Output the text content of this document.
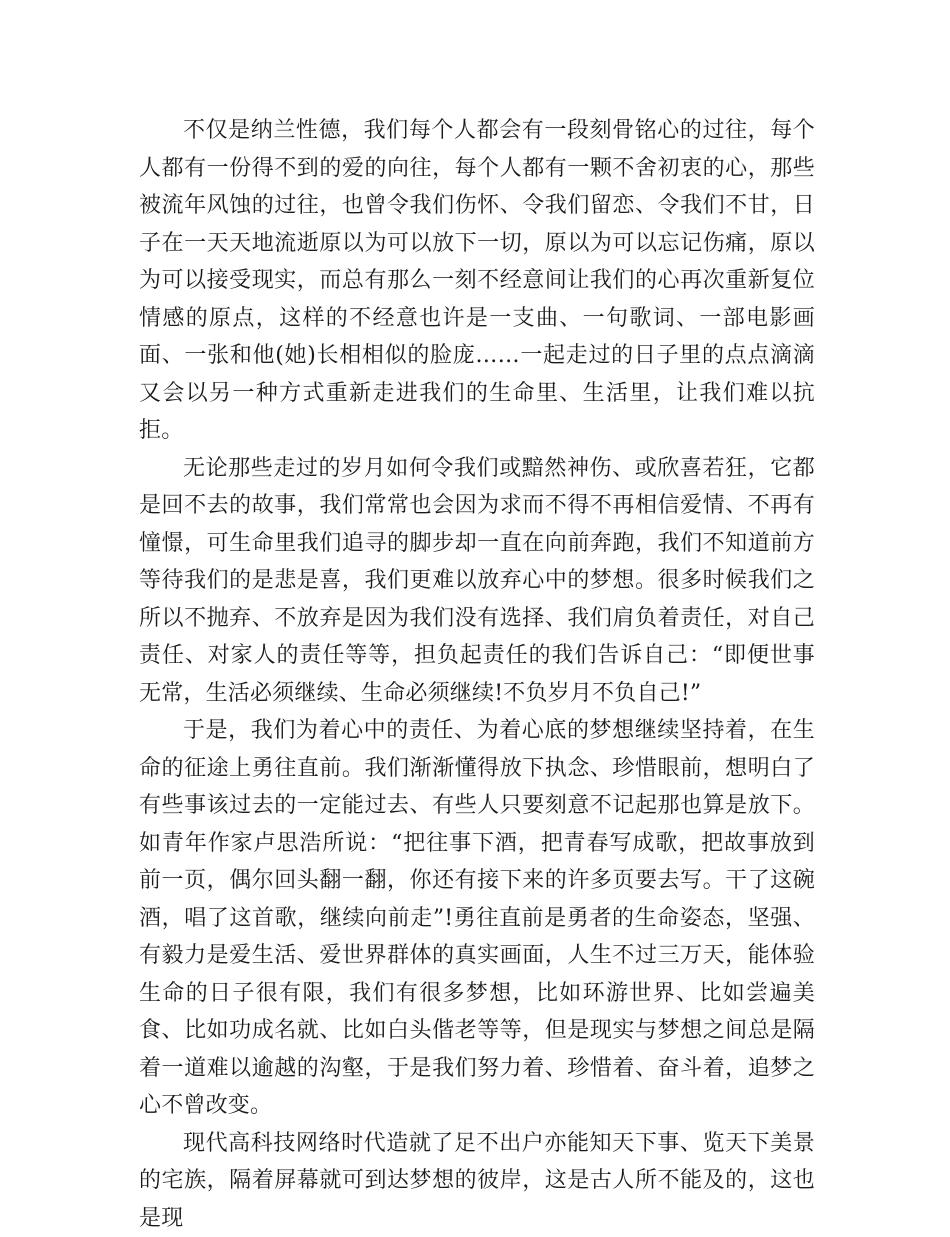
不仅是纳兰性德，我们每个人都会有一段刻骨铭心的过往，每个人都有一份得不到的爱的向往，每个人都有一颗不舍初衷的心，那些被流年风蚀的过往，也曾令我们伤怀、令我们留恋、令我们不甘，日子在一天天地流逝原以为可以放下一切，原以为可以忘记伤痛，原以为可以接受现实，而总有那么一刻不经意间让我们的心再次重新复位情感的原点，这样的不经意也许是一支曲、一句歌词、一部电影画面、一张和他(她)长相相似的脸庞……一起走过的日子里的点点滴滴又会以另一种方式重新走进我们的生命里、生活里，让我们难以抗拒。

无论那些走过的岁月如何令我们或黯然神伤、或欣喜若狂，它都是回不去的故事，我们常常也会因为求而不得不再相信爱情、不再有憧憬，可生命里我们追寻的脚步却一直在向前奔跑，我们不知道前方等待我们的是悲是喜，我们更难以放弃心中的梦想。很多时候我们之所以不抛弃、不放弃是因为我们没有选择、我们肩负着责任，对自己责任、对家人的责任等等，担负起责任的我们告诉自己：“即便世事无常，生活必须继续、生命必须继续!不负岁月不负自己!”

于是，我们为着心中的责任、为着心底的梦想继续坚持着，在生命的征途上勇往直前。我们渐渐懂得放下执念、珍惜眼前，想明白了有些事该过去的一定能过去、有些人只要刻意不记起那也算是放下。如青年作家卢思浩所说：“把往事下酒，把青春写成歌，把故事放到前一页，偶尔回头翻一翻，你还有接下来的许多页要去写。干了这碗酒，唱了这首歌，继续向前走”!勇往直前是勇者的生命姿态，坚强、有毅力是爱生活、爱世界群体的真实画面，人生不过三万天，能体验生命的日子很有限，我们有很多梦想，比如环游世界、比如尝遍美食、比如功成名就、比如白头偕老等等，但是现实与梦想之间总是隔着一道难以逾越的沟壑，于是我们努力着、珍惜着、奋斗着，追梦之心不曾改变。

现代高科技网络时代造就了足不出户亦能知天下事、览天下美景的宅族，隔着屏幕就可到达梦想的彼岸，这是古人所不能及的，这也是现
